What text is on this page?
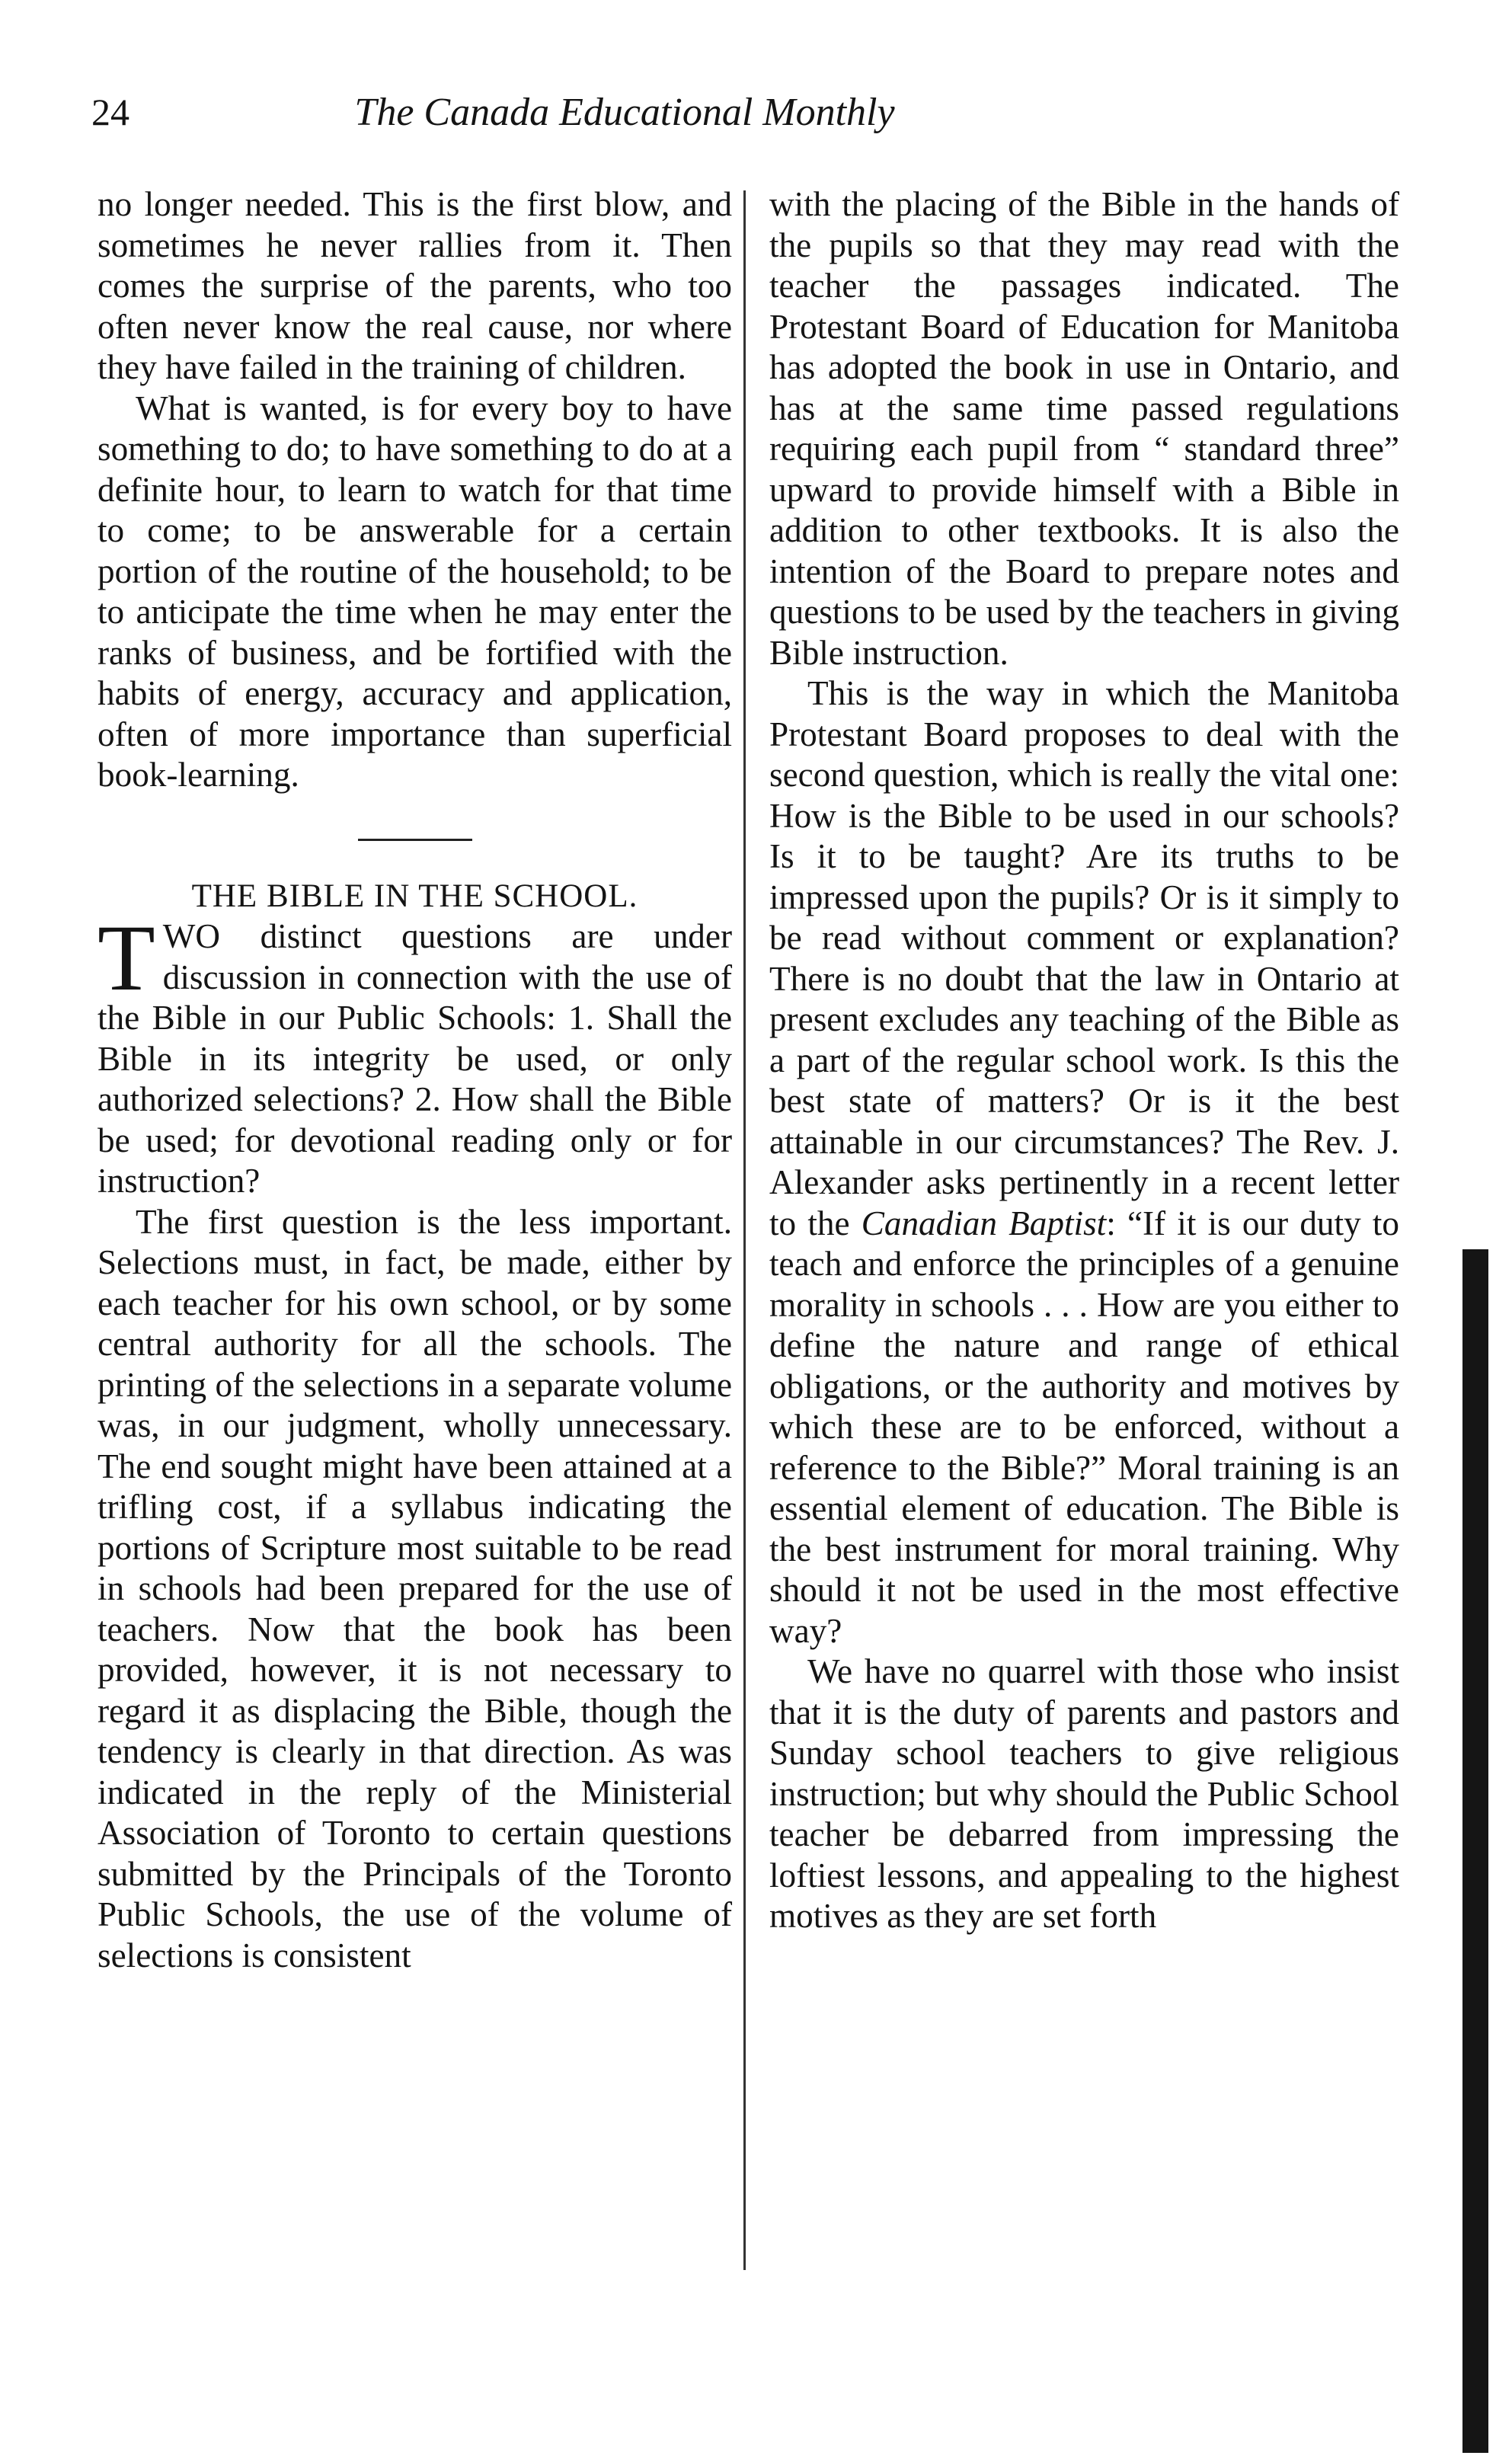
24	The Canada Educational Monthly

no longer needed. This is the first blow, and sometimes he never rallies from it. Then comes the surprise of the parents, who too often never know the real cause, nor where they have failed in the training of children.

What is wanted, is for every boy to have something to do; to have something to do at a definite hour, to learn to watch for that time to come; to be answerable for a certain portion of the routine of the household; to be to anticipate the time when he may enter the ranks of business, and be fortified with the habits of energy, accuracy and application, often of more importance than superficial book-learning.

THE BIBLE IN THE SCHOOL.

T WO distinct questions are under discussion in connection with the use of the Bible in our Public Schools: 1. Shall the Bible in its integrity be used, or only authorized selections? 2. How shall the Bible be used; for devotional reading only or for instruction?

The first question is the less important. Selections must, in fact, be made, either by each teacher for his own school, or by some central authority for all the schools. The printing of the selections in a separate volume was, in our judgment, wholly unnecessary. The end sought might have been attained at a trifling cost, if a syllabus indicating the portions of Scripture most suitable to be read in schools had been prepared for the use of teachers. Now that the book has been provided, however, it is not necessary to regard it as displacing the Bible, though the tendency is clearly in that direction. As was indicated in the reply of the Ministerial Association of Toronto to certain questions submitted by the Principals of the Toronto Public Schools, the use of the volume of selections is consistent

with the placing of the Bible in the hands of the pupils so that they may read with the teacher the passages indicated. The Protestant Board of Education for Manitoba has adopted the book in use in Ontario, and has at the same time passed regulations requiring each pupil from “ standard three” upward to provide himself with a Bible in addition to other textbooks. It is also the intention of the Board to prepare notes and questions to be used by the teachers in giving Bible instruction.

This is the way in which the Manitoba Protestant Board proposes to deal with the second question, which is really the vital one: How is the Bible to be used in our schools? Is it to be taught? Are its truths to be impressed upon the pupils? Or is it simply to be read without comment or explanation? There is no doubt that the law in Ontario at present excludes any teaching of the Bible as a part of the regular school work. Is this the best state of matters? Or is it the best attainable in our circumstances? The Rev. J. Alexander asks pertinently in a recent letter to the Canadian Baptist: “If it is our duty to teach and enforce the principles of a genuine morality in schools . . . How are you either to define the nature and range of ethical obligations, or the authority and motives by which these are to be enforced, without a reference to the Bible?” Moral training is an essential element of education. The Bible is the best instrument for moral training. Why should it not be used in the most effective way?

We have no quarrel with those who insist that it is the duty of parents and pastors and Sunday school teachers to give religious instruction; but why should the Public School teacher be debarred from impressing the loftiest lessons, and appealing to the highest motives as they are set forth
